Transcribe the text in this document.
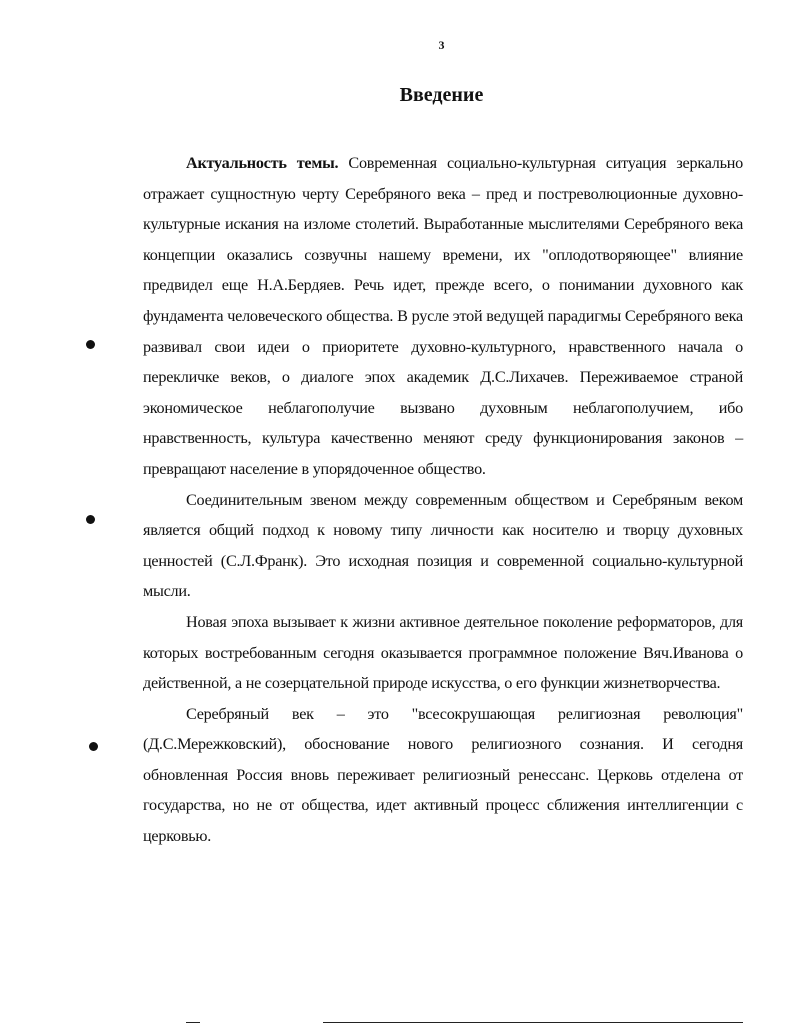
3
Введение

Актуальность темы. Современная социально-культурная ситуация зеркально отражает сущностную черту Серебряного века – пред и постреволюционные духовно-культурные искания на изломе столетий. Выработанные мыслителями Серебряного века концепции оказались созвучны нашему времени, их "оплодотворяющее" влияние предвидел еще Н.А.Бердяев. Речь идет, прежде всего, о понимании духовного как фундамента человеческого общества. В русле этой ведущей парадигмы Серебряного века развивал свои идеи о приоритете духовно-культурного, нравственного начала о перекличке веков, о диалоге эпох академик Д.С.Лихачев. Переживаемое страной экономическое неблагополучие вызвано духовным неблагополучием, ибо нравственность, культура качественно меняют среду функционирования законов – превращают население в упорядоченное общество.

Соединительным звеном между современным обществом и Серебряным веком является общий подход к новому типу личности как носителю и творцу духовных ценностей (С.Л.Франк). Это исходная позиция и современной социально-культурной мысли.

Новая эпоха вызывает к жизни активное деятельное поколение реформаторов, для которых востребованным сегодня оказывается программное положение Вяч.Иванова о действенной, а не созерцательной природе искусства, о его функции жизнетворчества.

Серебряный век – это "всесокрушающая религиозная революция" (Д.С.Мережковский), обоснование нового религиозного сознания. И сегодня обновленная Россия вновь переживает религиозный ренессанс. Церковь отделена от государства, но не от общества, идет активный процесс сближения интеллигенции с церковью.
